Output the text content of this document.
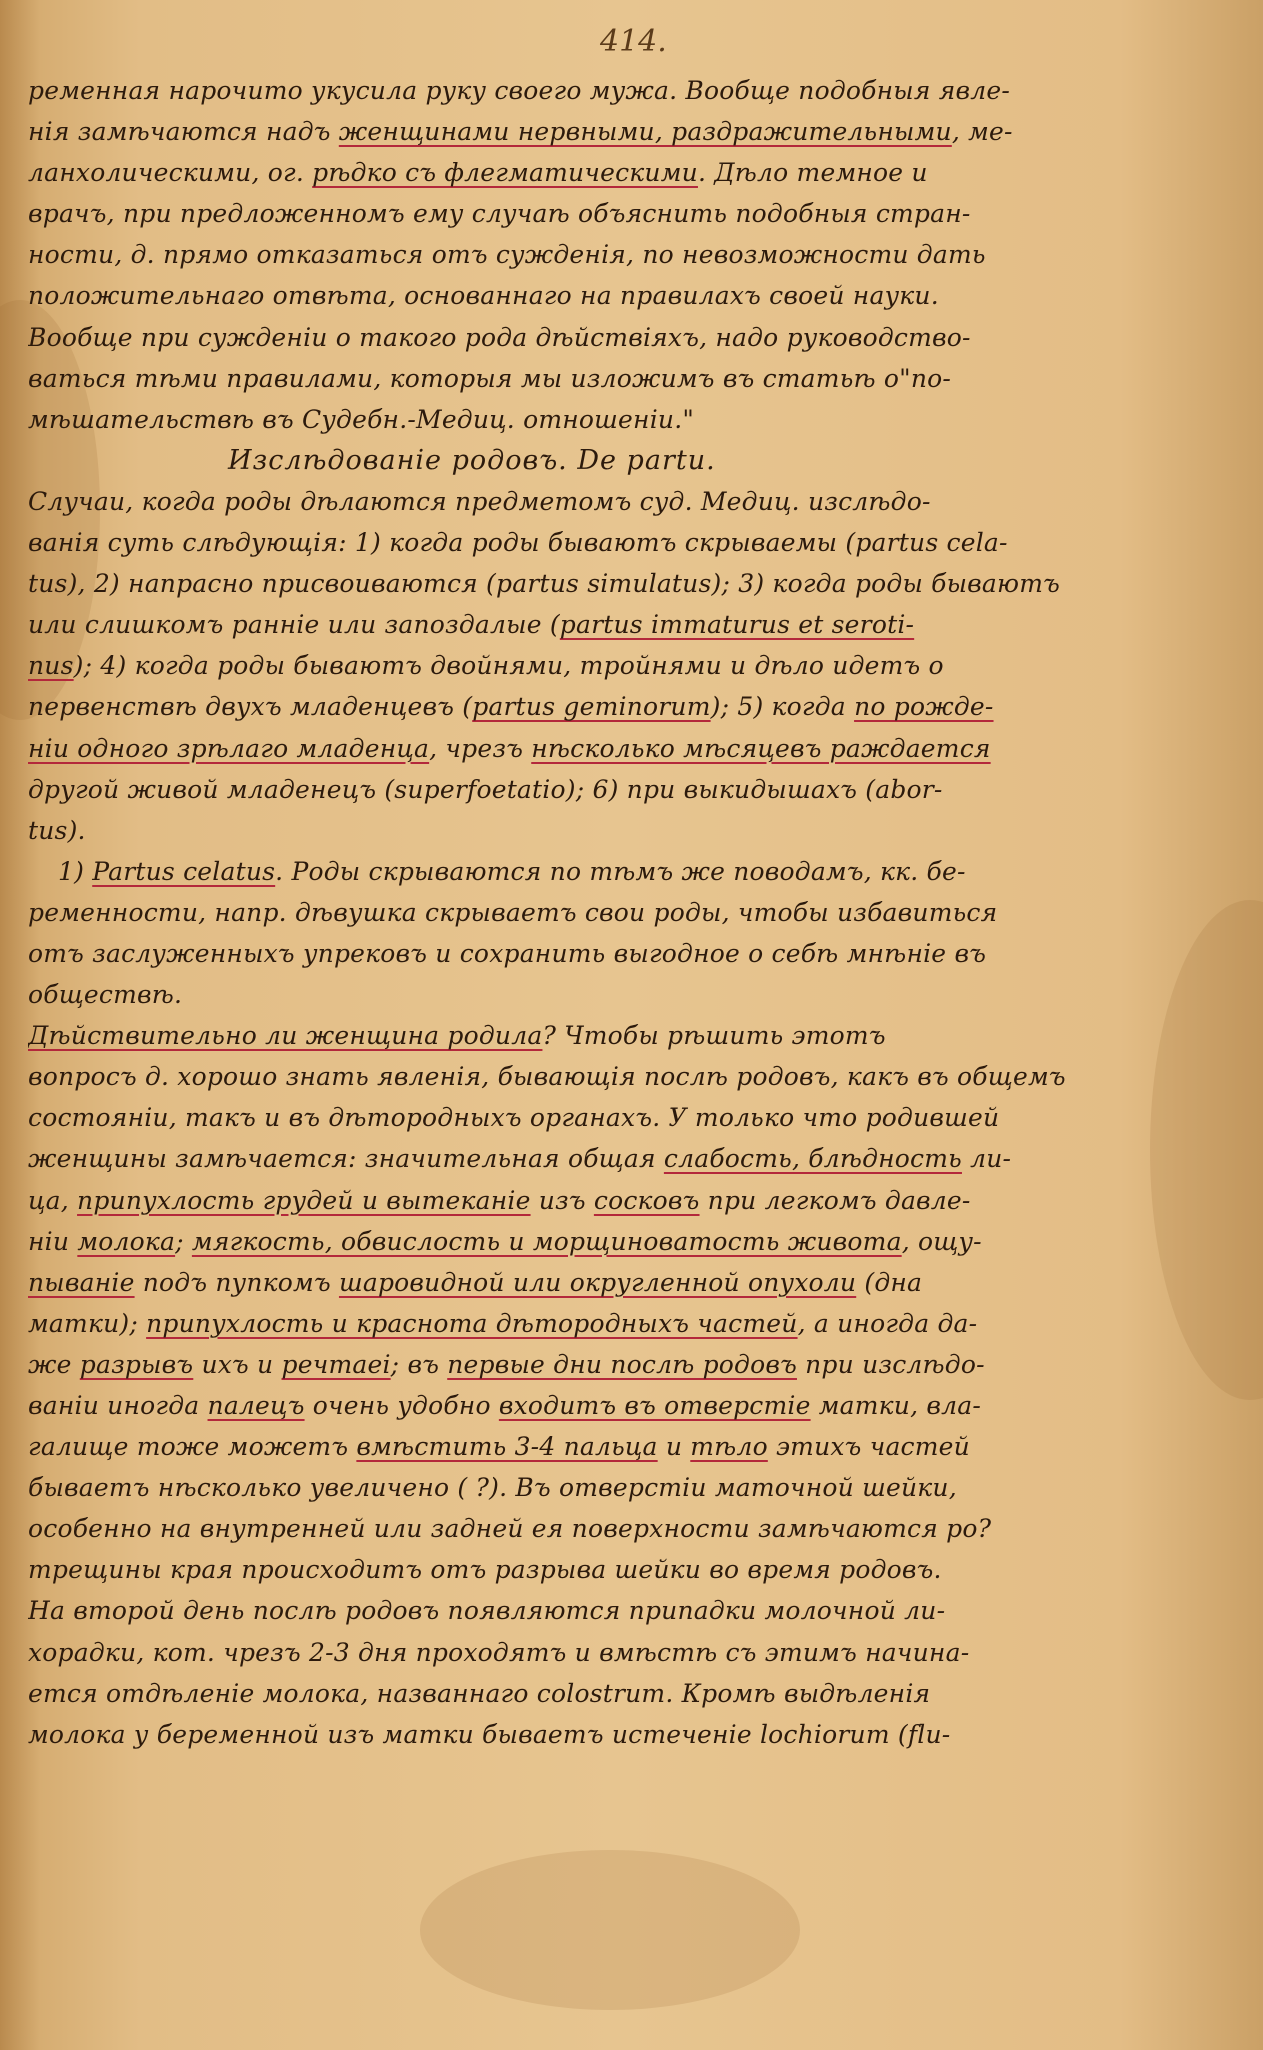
414.
ременная нарочито укусила руку своего мужа. Вообще подобныя явле-
нія замѣчаются надъ женщинами нервными, раздражительными, ме-
ланхолическими, ог. рѣдко съ флегматическими. Дѣло темное и
врачъ, при предложенномъ ему случаѣ объяснить подобныя стран-
ности, д. прямо отказаться отъ сужденія, по невозможности дать
положительнаго отвѣта, основаннаго на правилахъ своей науки.
Вообще при сужденіи о такого рода дѣйствіяхъ, надо руководство-
ваться тѣми правилами, которыя мы изложимъ въ статьѣ о"по-
мѣшательствѣ въ Судебн.-Медиц. отношеніи."
Изслѣдованіе родовъ. De partu.
Случаи, когда роды дѣлаются предметомъ суд. Медиц. изслѣдо-
ванія суть слѣдующія: 1) когда роды бываютъ скрываемы (partus cela-
tus), 2) напрасно присвоиваются (partus simulatus); 3) когда роды бываютъ
или слишкомъ ранніе или запоздалые (partus immaturus et serotі-
nus); 4) когда роды бываютъ двойнями, тройнями и дѣло идетъ о
первенствѣ двухъ младенцевъ (partus geminorum); 5) когда по рожде-
ніи одного зрѣлаго младенца, чрезъ нѣсколько мѣсяцевъ раждается
другой живой младенецъ (superfoetatio); 6) при выкидышахъ (abor-
tus).
1) Partus celatus. Роды скрываются по тѣмъ же поводамъ, кк. бе-
ременности, напр. дѣвушка скрываетъ свои роды, чтобы избавиться
отъ заслуженныхъ упрековъ и сохранить выгодное о себѣ мнѣніе въ
обществѣ.
Дѣйствительно ли женщина родила? Чтобы рѣшить этотъ
вопросъ д. хорошо знать явленія, бывающія послѣ родовъ, какъ въ общемъ
состояніи, такъ и въ дѣтородныхъ органахъ. У только что родившей
женщины замѣчается: значительная общая слабость, блѣдность ли-
ца, припухлость грудей и вытеканіе изъ сосковъ при легкомъ давле-
ніи молока; мягкость, обвислость и морщиноватость живота, ощу-
пываніе подъ пупкомъ шаровидной или округленной опухоли (дна
матки); припухлость и краснота дѣтородныхъ частей, а иногда да-
же разрывъ ихъ и речтаеі; въ первые дни послѣ родовъ при изслѣдо-
ваніи иногда палецъ очень удобно входитъ въ отверстіе матки, вла-
галище тоже можетъ вмѣстить 3-4 пальца и тѣло этихъ частей
бываетъ нѣсколько увеличено ( ?). Въ отверстіи маточной шейки,
особенно на внутренней или задней ея поверхности замѣчаются ро?
трещины края происходитъ отъ разрыва шейки во время родовъ.
На второй день послѣ родовъ появляются припадки молочной ли-
хорадки, кот. чрезъ 2-3 дня проходятъ и вмѣстѣ съ этимъ начина-
ется отдѣленіе молока, названнаго colostrum. Кромѣ выдѣленія
молока у беременной изъ матки бываетъ истеченіе lochiorum (flu-
